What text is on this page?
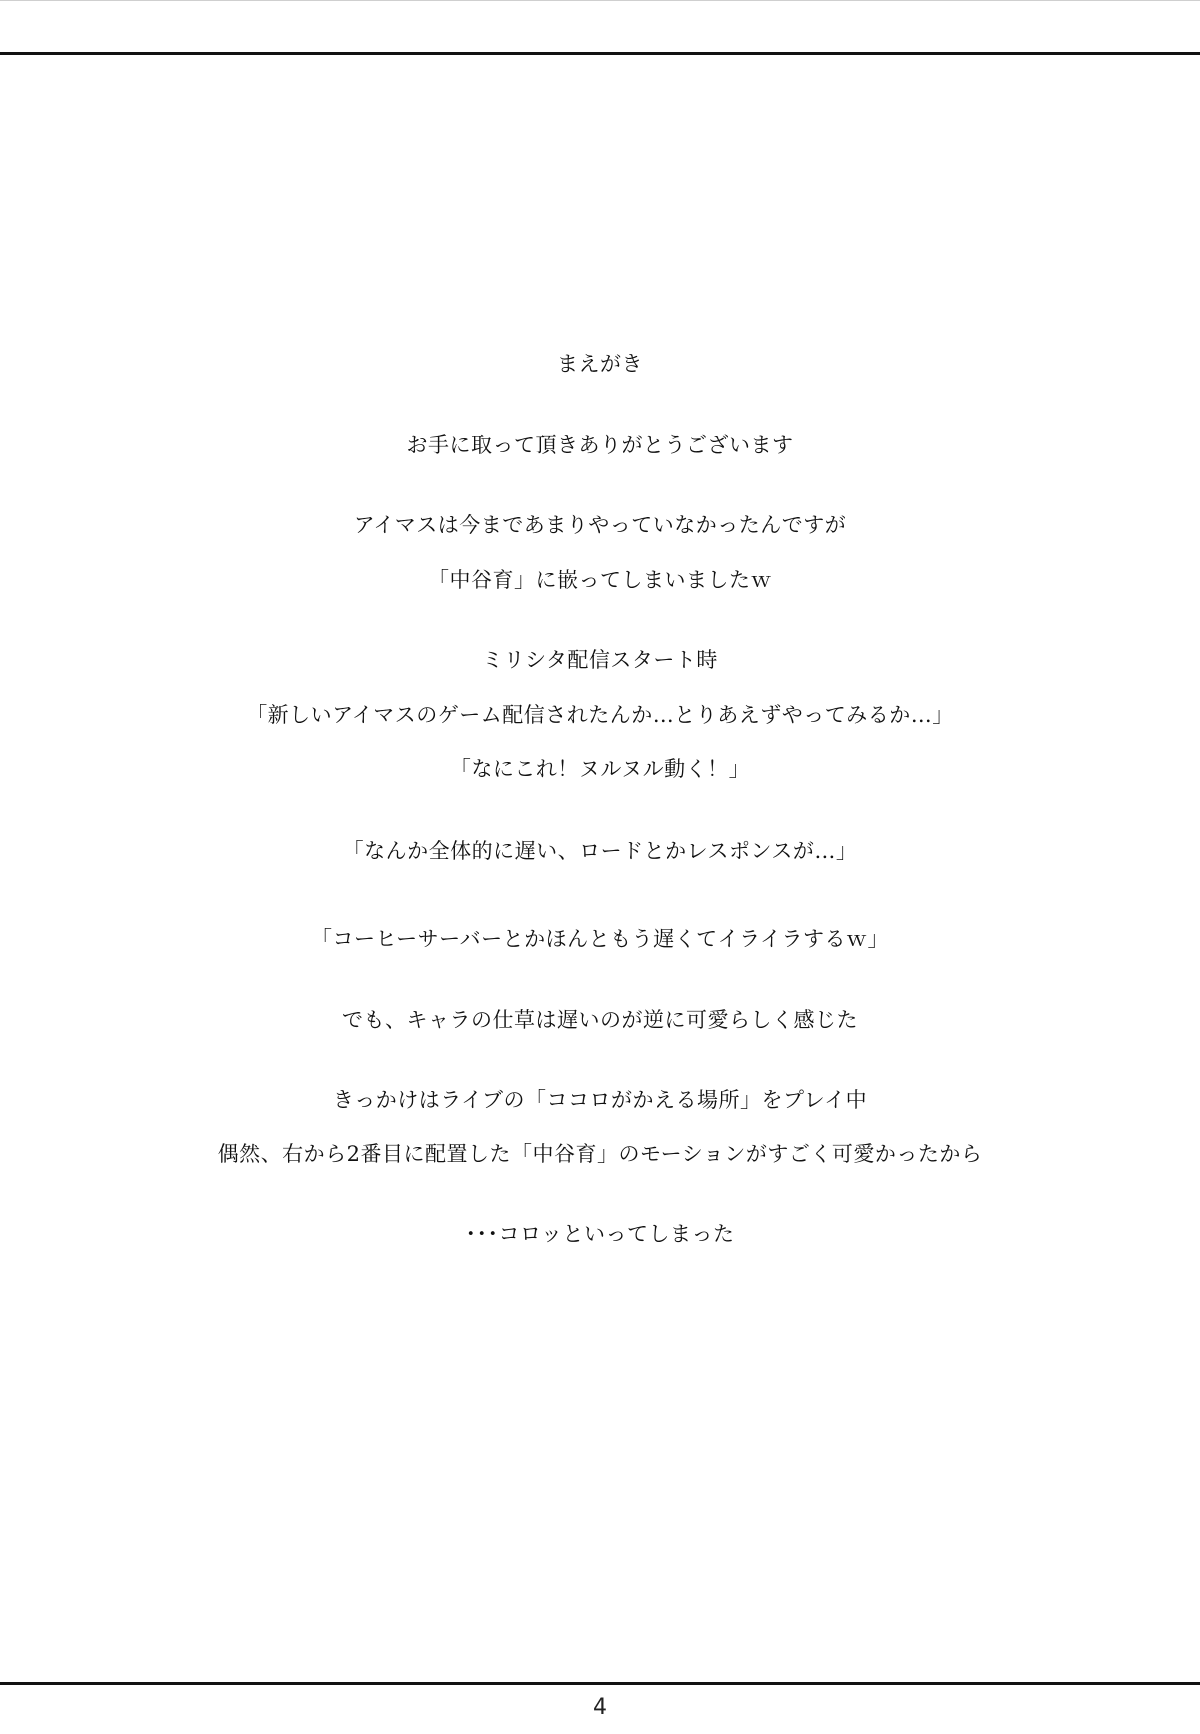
まえがき
お手に取って頂きありがとうございます
アイマスは今まであまりやっていなかったんですが
「中谷育」に嵌ってしまいましたｗ
ミリシタ配信スタート時
「新しいアイマスのゲーム配信されたんか…とりあえずやってみるか…」
「なにこれ！ヌルヌル動く！」
「なんか全体的に遅い、ロードとかレスポンスが…」
「コーヒーサーバーとかほんともう遅くてイライラするｗ」
でも、キャラの仕草は遅いのが逆に可愛らしく感じた
きっかけはライブの「ココロがかえる場所」をプレイ中
偶然、右から2番目に配置した「中谷育」のモーションがすごく可愛かったから
･･･コロッといってしまった
4
